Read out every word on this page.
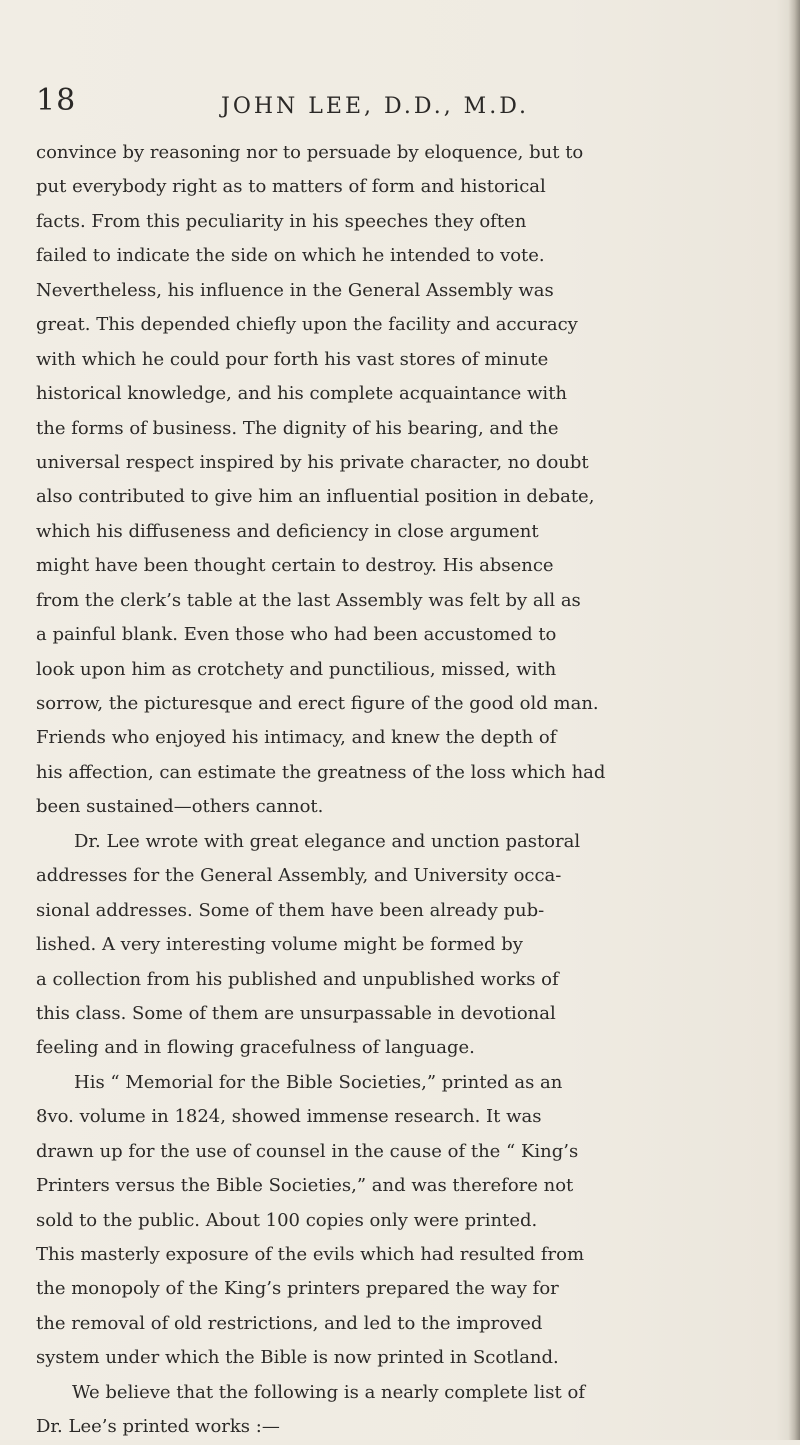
18	JOHN LEE, D.D., M.D.
convince by reasoning nor to persuade by eloquence, but to
put everybody right as to matters of form and historical
facts. From this peculiarity in his speeches they often
failed to indicate the side on which he intended to vote.
Nevertheless, his influence in the General Assembly was
great. This depended chiefly upon the facility and accuracy
with which he could pour forth his vast stores of minute
historical knowledge, and his complete acquaintance with
the forms of business. The dignity of his bearing, and the
universal respect inspired by his private character, no doubt
also contributed to give him an influential position in debate,
which his diffuseness and deficiency in close argument
might have been thought certain to destroy. His absence
from the clerk’s table at the last Assembly was felt by all as
a painful blank. Even those who had been accustomed to
look upon him as crotchety and punctilious, missed, with
sorrow, the picturesque and erect figure of the good old man.
Friends who enjoyed his intimacy, and knew the depth of
his affection, can estimate the greatness of the loss which had
been sustained—others cannot.
Dr. Lee wrote with great elegance and unction pastoral
addresses for the General Assembly, and University occa-
sional addresses. Some of them have been already pub-
lished. A very interesting volume might be formed by
a collection from his published and unpublished works of
this class. Some of them are unsurpassable in devotional
feeling and in flowing gracefulness of language.
His “ Memorial for the Bible Societies,” printed as an
8vo. volume in 1824, showed immense research. It was
drawn up for the use of counsel in the cause of the “ King’s
Printers versus the Bible Societies,” and was therefore not
sold to the public. About 100 copies only were printed.
This masterly exposure of the evils which had resulted from
the monopoly of the King’s printers prepared the way for
the removal of old restrictions, and led to the improved
system under which the Bible is now printed in Scotland.
We believe that the following is a nearly complete list of
Dr. Lee’s printed works :—
